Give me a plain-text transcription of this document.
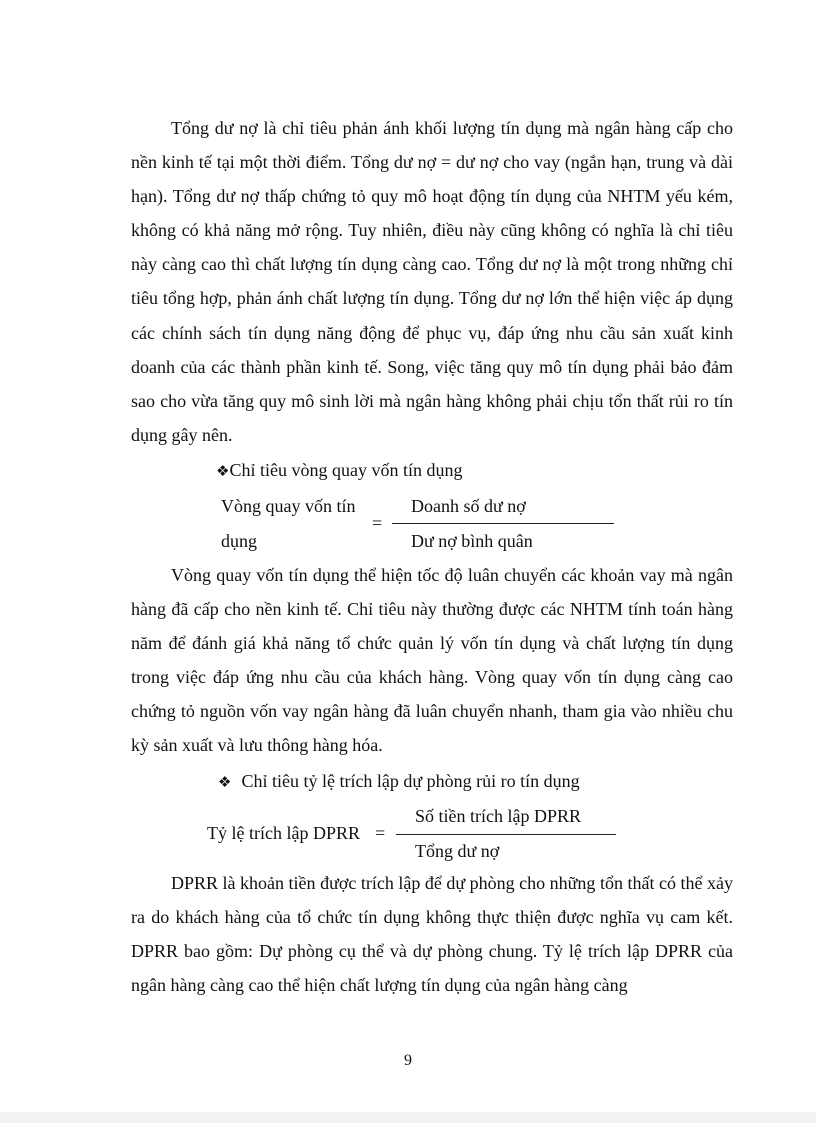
Tổng dư nợ là chỉ tiêu phản ánh khối lượng tín dụng mà ngân hàng cấp cho nền kinh tế tại một thời điểm. Tổng dư nợ = dư nợ cho vay (ngắn hạn, trung và dài hạn). Tổng dư nợ thấp chứng tỏ quy mô hoạt động tín dụng của NHTM yếu kém, không có khả năng mở rộng. Tuy nhiên, điều này cũng không có nghĩa là chỉ tiêu này càng cao thì chất lượng tín dụng càng cao. Tổng dư nợ là một trong những chỉ tiêu tổng hợp, phản ánh chất lượng tín dụng. Tổng dư nợ lớn thể hiện việc áp dụng các chính sách tín dụng năng động để phục vụ, đáp ứng nhu cầu sản xuất kinh doanh của các thành phần kinh tế. Song, việc tăng quy mô tín dụng phải bảo đảm sao cho vừa tăng quy mô sinh lời mà ngân hàng không phải chịu tổn thất rủi ro tín dụng gây nên.

❖Chỉ tiêu vòng quay vốn tín dụng
Vòng quay vốn tín
dụng
=
Doanh số dư nợ
Dư nợ bình quân

Vòng quay vốn tín dụng thể hiện tốc độ luân chuyển các khoản vay mà ngân hàng đã cấp cho nền kinh tế. Chỉ tiêu này thường được các NHTM tính toán hàng năm để đánh giá khả năng tổ chức quản lý vốn tín dụng và chất lượng tín dụng trong việc đáp ứng nhu cầu của khách hàng. Vòng quay vốn tín dụng càng cao chứng tỏ nguồn vốn vay ngân hàng đã luân chuyển nhanh, tham gia vào nhiều chu kỳ sản xuất và lưu thông hàng hóa.

❖ Chỉ tiêu tỷ lệ trích lập dự phòng rủi ro tín dụng
Tỷ lệ trích lập DPRR =
Số tiền trích lập DPRR
Tổng dư nợ

DPRR là khoản tiền được trích lập để dự phòng cho những tổn thất có thể xảy ra do khách hàng của tổ chức tín dụng không thực thiện được nghĩa vụ cam kết. DPRR bao gồm: Dự phòng cụ thể và dự phòng chung. Tỷ lệ trích lập DPRR của ngân hàng càng cao thể hiện chất lượng tín dụng của ngân hàng càng

9
